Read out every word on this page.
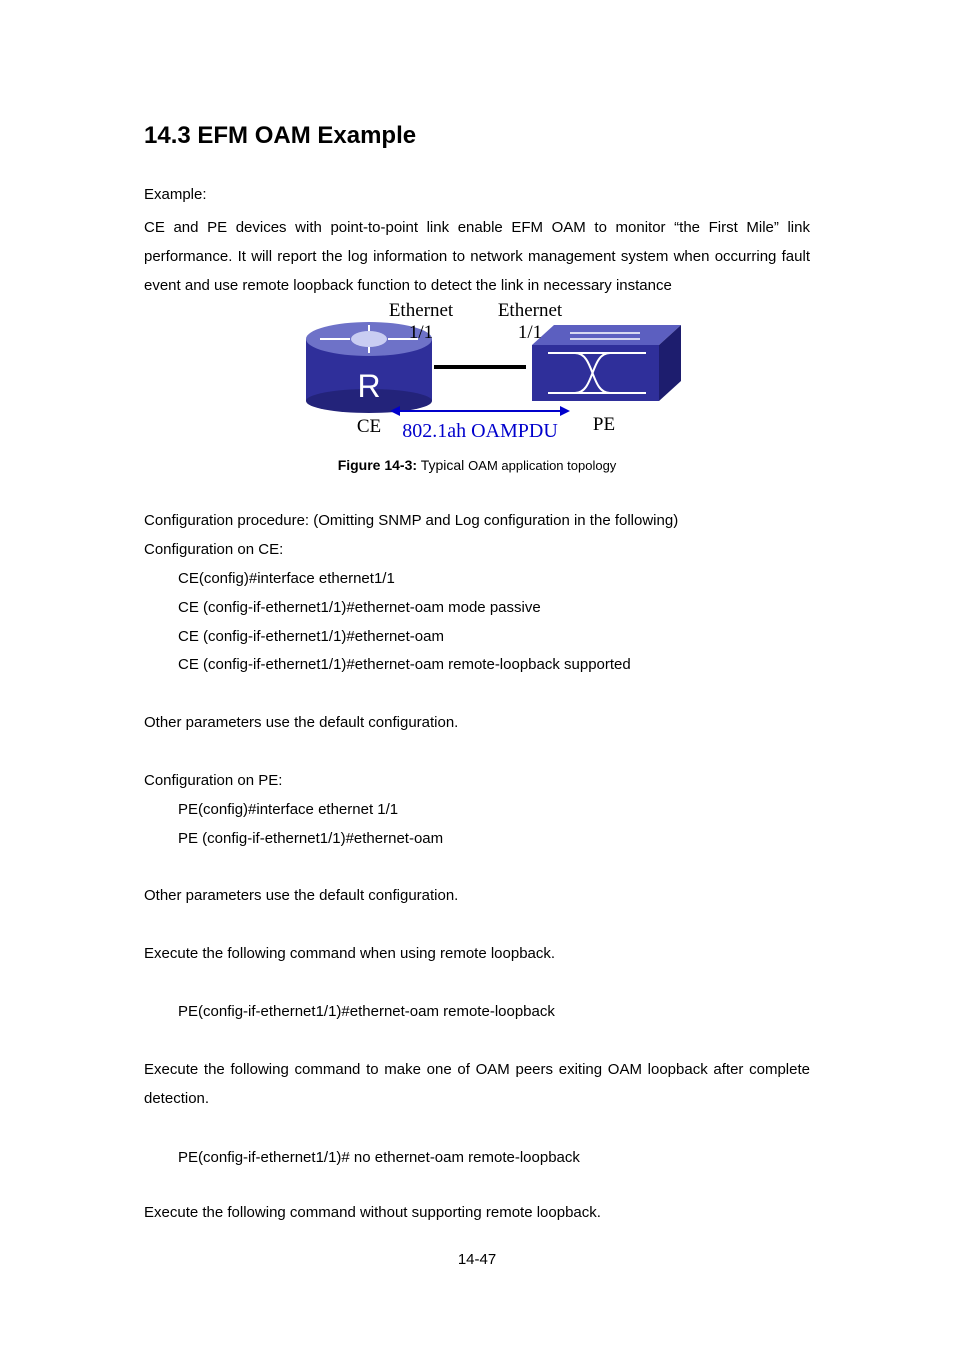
14.3 EFM OAM Example
Example:
CE and PE devices with point-to-point link enable EFM OAM to monitor “the First Mile” link performance. It will report the log information to network management system when occurring fault event and use remote loopback function to detect the link in necessary instance
R
Ethernet
1/1
Ethernet
1/1
CE	PE
802.1ah OAMPDU
Figure 14-3: Typical OAM application topology
Configuration procedure: (Omitting SNMP and Log configuration in the following)
Configuration on CE:
CE(config)#interface ethernet1/1
CE (config-if-ethernet1/1)#ethernet-oam mode passive
CE (config-if-ethernet1/1)#ethernet-oam
CE (config-if-ethernet1/1)#ethernet-oam remote-loopback supported
Other parameters use the default configuration.
Configuration on PE:
PE(config)#interface ethernet 1/1
PE (config-if-ethernet1/1)#ethernet-oam
Other parameters use the default configuration.
Execute the following command when using remote loopback.
PE(config-if-ethernet1/1)#ethernet-oam remote-loopback
Execute the following command to make one of OAM peers exiting OAM loopback after complete detection.
PE(config-if-ethernet1/1)# no ethernet-oam remote-loopback
Execute the following command without supporting remote loopback.
14-47
